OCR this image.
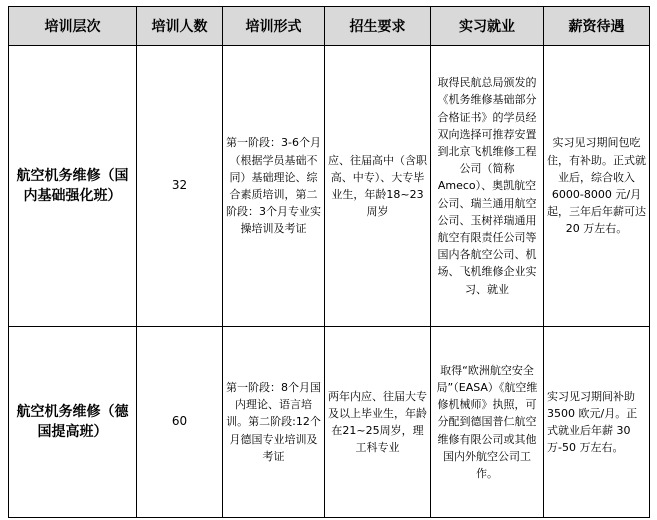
培训层次	培训人数	培训形式	招生要求	实习就业	薪资待遇
航空机务维修（国内基础强化班）	32	第一阶段：3-6个月（根据学员基础不同）基础理论、综合素质培训，第二阶段：3个月专业实操培训及考证	应、往届高中（含职高、中专）、大专毕业生，年龄18~23周岁	取得民航总局颁发的《机务维修基础部分合格证书》的学员经双向选择可推荐安置到北京飞机维修工程公司（简称Ameco）、奥凯航空公司、瑞兰通用航空公司、玉树祥瑞通用航空有限责任公司等国内各航空公司、机场、飞机维修企业实习、就业	实习见习期间包吃住，有补助。正式就业后，综合收入 6000-8000 元/月起，三年后年薪可达 20 万左右。
航空机务维修（德国提高班）	60	第一阶段：8个月国内理论、语言培训。第二阶段:12个月德国专业培训及考证	两年内应、往届大专及以上毕业生，年龄在21~25周岁，理工科专业	取得“欧洲航空安全局”（EASA）《航空维修机械师》执照，可分配到德国普仁航空维修有限公司或其他国内外航空公司工作。	实习见习期间补助 3500 欧元/月。正式就业后年薪 30 万-50 万左右。
